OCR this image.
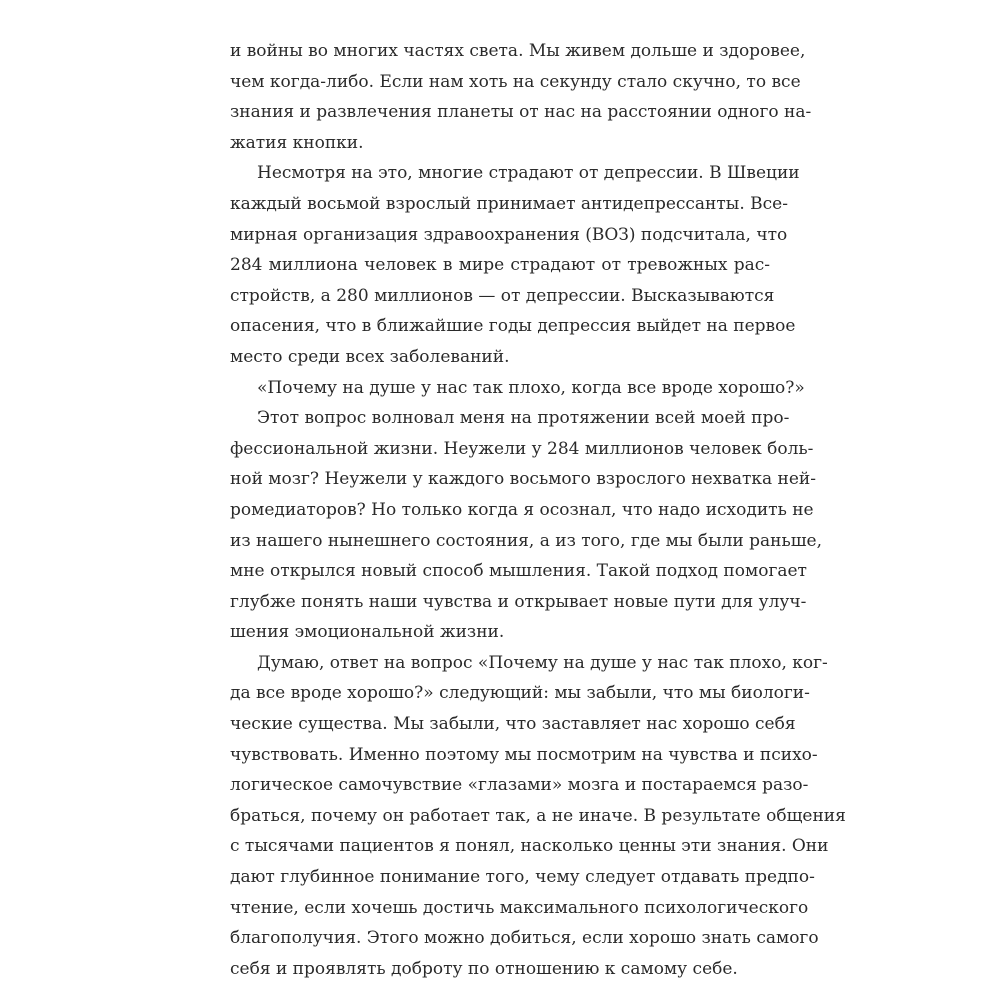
и войны во многих частях света. Мы живем дольше и здоровее,
чем когда-либо. Если нам хоть на секунду стало скучно, то все
знания и развлечения планеты от нас на расстоянии одного на-
жатия кнопки.
Несмотря на это, многие страдают от депрессии. В Швеции
каждый восьмой взрослый принимает антидепрессанты. Все-
мирная организация здравоохранения (ВОЗ) подсчитала, что
284 миллиона человек в мире страдают от тревожных рас-
стройств, а 280 миллионов — от депрессии. Высказываются
опасения, что в ближайшие годы депрессия выйдет на первое
место среди всех заболеваний.
«Почему на душе у нас так плохо, когда все вроде хорошо?»
Этот вопрос волновал меня на протяжении всей моей про-
фессиональной жизни. Неужели у 284 миллионов человек боль-
ной мозг? Неужели у каждого восьмого взрослого нехватка ней-
ромедиаторов? Но только когда я осознал, что надо исходить не
из нашего нынешнего состояния, а из того, где мы были раньше,
мне открылся новый способ мышления. Такой подход помогает
глубже понять наши чувства и открывает новые пути для улуч-
шения эмоциональной жизни.
Думаю, ответ на вопрос «Почему на душе у нас так плохо, ког-
да все вроде хорошо?» следующий: мы забыли, что мы биологи-
ческие существа. Мы забыли, что заставляет нас хорошо себя
чувствовать. Именно поэтому мы посмотрим на чувства и психо-
логическое самочувствие «глазами» мозга и постараемся разо-
браться, почему он работает так, а не иначе. В результате общения
с тысячами пациентов я понял, насколько ценны эти знания. Они
дают глубинное понимание того, чему следует отдавать предпо-
чтение, если хочешь достичь максимального психологического
благополучия. Этого можно добиться, если хорошо знать самого
себя и проявлять доброту по отношению к самому себе.
